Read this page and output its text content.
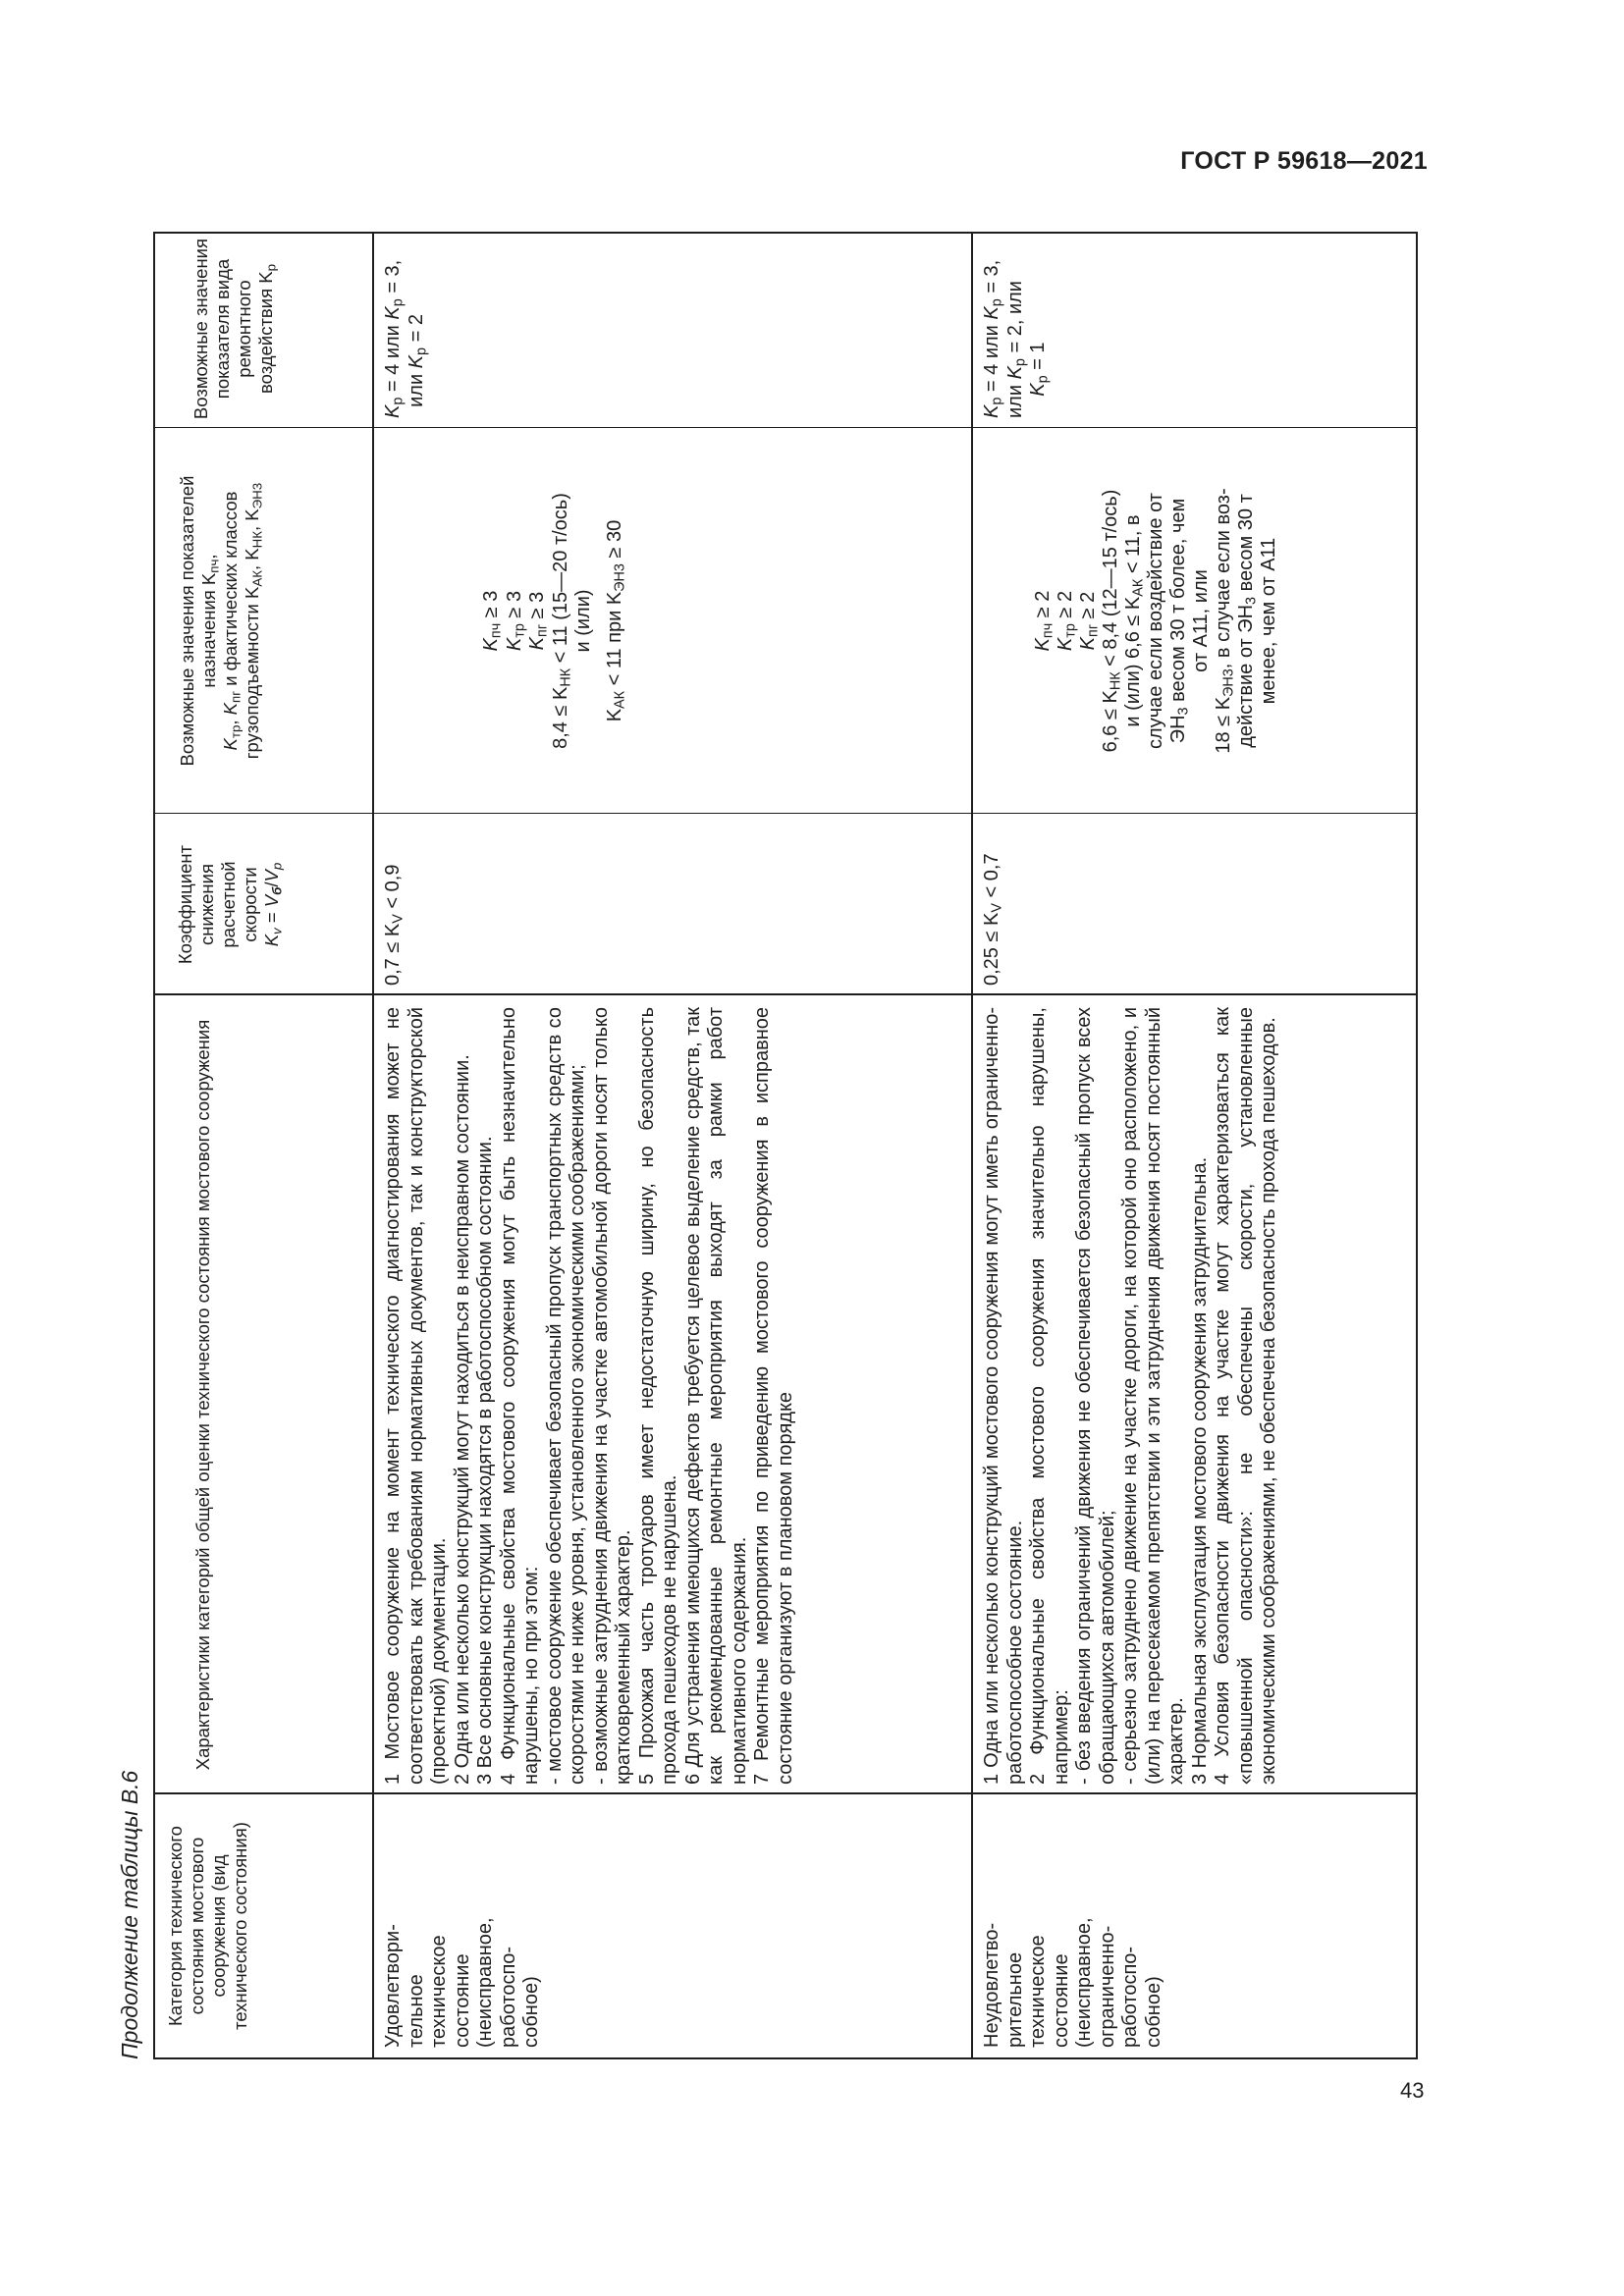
ГОСТ Р 59618—2021
Продолжение таблицы В.6	Категория технического состояния мостового сооружения (вид технического состояния)
Характеристики категорий общей оценки технического состояния мостового сооружения
Коэффициент снижения расчетной скорости
$K_v = V_б/V_p$
Возможные значения показателей назначения $K_{пч}$,
$K_{тр}$, $K_{пг}$ и фактических классов грузоподъемности $K_{АК}$, $K_{НК}$, $K_{ЭН3}$
Возможные значения показателя вида ремонтного воздействия $K_р$

Удовлетвори- тельное техническое состояние (неисправное, работоспо- собное)

1 Мостовое сооружение на момент технического диагностирования может не соответствовать как требованиям нормативных документов, так и конструкторской (проектной) документации. 2 Одна или несколько конструкций могут находиться в неисправном состоянии. 3 Все основные конструкции находятся в работоспособном состоянии. 4 Функциональные свойства мостового сооружения могут быть незначительно нарушены, но при этом: - мостовое сооружение обеспечивает безопасный пропуск транспортных средств со скоростями не ниже уровня, установленного экономическими соображениями; - возможные затруднения движения на участке автомобильной дороги носят только кратковременный характер. 5 Прохожая часть тротуаров имеет недостаточную ширину, но безопасность прохода пешеходов не нарушена. 6 Для устранения имеющихся дефектов требуется целевое выделение средств, так как рекомендованные ремонтные мероприятия выходят за рамки работ нормативного содержания. 7 Ремонтные мероприятия по приведению мостового сооружения в исправное состояние организуют в плановом порядке

$0,7 \le K_V < 0,9$

$K_{пч} \ge 3$

$K_{тр} \ge 3$

$K_{пг} \ge 3$

$8,4 \le K_{НК} < 11$ (15—20 т/ось) и (или)

$K_{АК} < 11$ при $K_{ЭН3} \ge 30$

$K_р = 4$ или $K_р = 3$,
или $K_р = 2$

Неудовлетво- рительное техническое состояние (неисправное, ограниченно- работоспо- собное)

1 Одна или несколько конструкций мостового сооружения могут иметь ограниченно-работоспособное состояние. 2 Функциональные свойства мостового сооружения значительно нарушены, например: - без введения ограничений движения не обеспечивается безопасный пропуск всех обращающихся автомобилей; - серьезно затруднено движение на участке дороги, на которой оно расположено, и (или) на пересекаемом препятствии и эти затруднения движения носят постоянный характер. 3 Нормальная эксплуатация мостового сооружения затруднительна. 4 Условия безопасности движения на участке могут характеризоваться как «повышенной опасности»: не обеспечены скорости, установленные экономическими соображениями, не обеспечена безопасность прохода пешеходов.

$0,25 \le K_V < 0,7$

$K_{пч} \ge 2$

$K_{тр} \ge 2$

$K_{пг} \ge 2$

$6,6 \le K_{НК} < 8,4$ (12—15 т/ось) и (или) $6,6 \le K_{АК} < 11$, в случае если воздействие от $ЭН_3$ весом 30 т более, чем от А11, или

$18 \le K_{ЭН3}$, в случае если воз-

действие от $ЭН_3$ весом 30 т менее, чем от А11

$K_р = 4$ или $K_р = 3$,
или $K_р = 2$, или
$K_р = 1$

43
